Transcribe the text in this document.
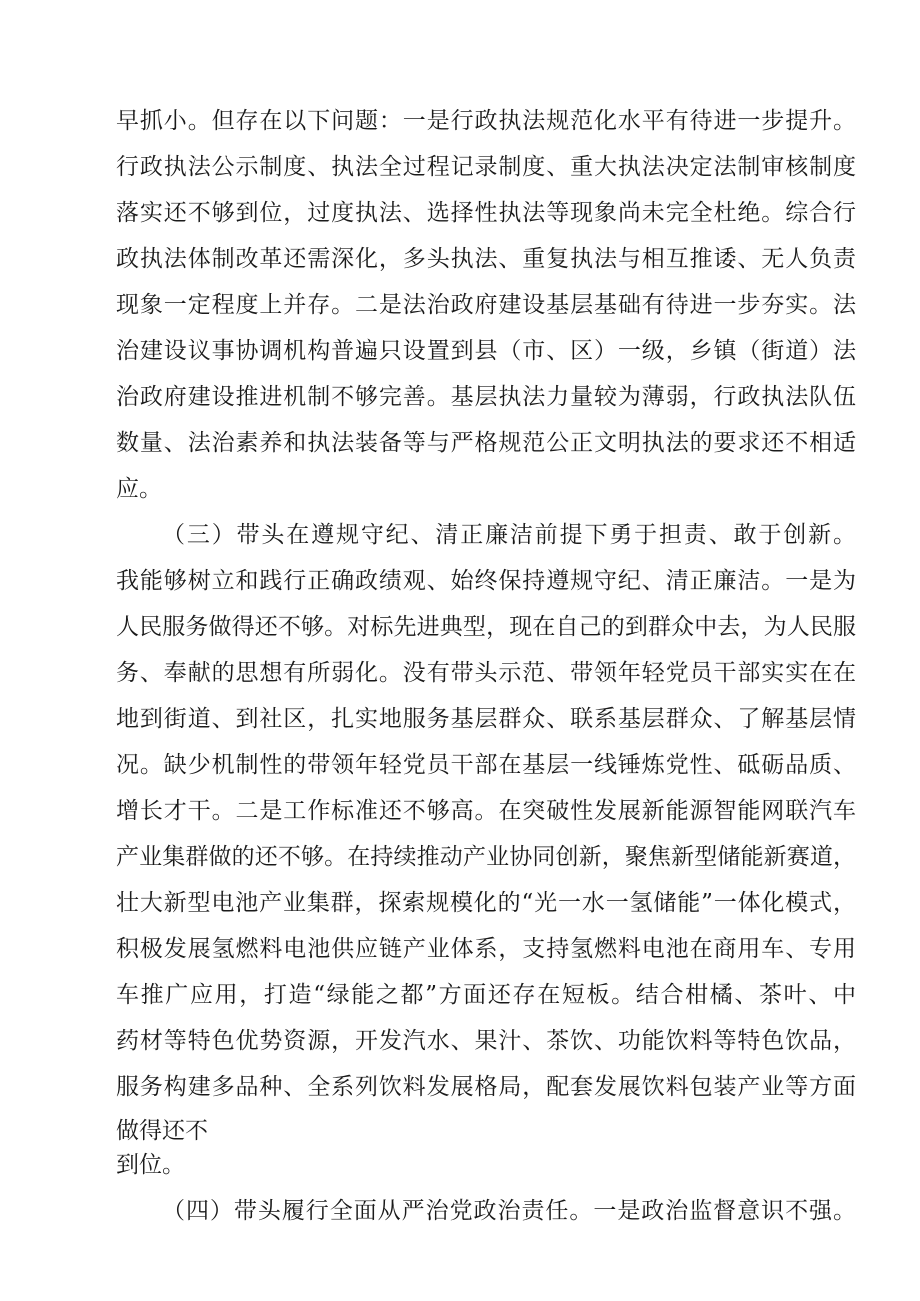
早抓小。但存在以下问题：一是行政执法规范化水平有待进一步提升。
行政执法公示制度、执法全过程记录制度、重大执法决定法制审核制度
落实还不够到位，过度执法、选择性执法等现象尚未完全杜绝。综合行
政执法体制改革还需深化，多头执法、重复执法与相互推诿、无人负责
现象一定程度上并存。二是法治政府建设基层基础有待进一步夯实。法
治建设议事协调机构普遍只设置到县（市、区）一级，乡镇（街道）法
治政府建设推进机制不够完善。基层执法力量较为薄弱，行政执法队伍
数量、法治素养和执法装备等与严格规范公正文明执法的要求还不相适
应。
（三）带头在遵规守纪、清正廉洁前提下勇于担责、敢于创新。
我能够树立和践行正确政绩观、始终保持遵规守纪、清正廉洁。一是为
人民服务做得还不够。对标先进典型，现在自己的到群众中去，为人民服
务、奉献的思想有所弱化。没有带头示范、带领年轻党员干部实实在在
地到街道、到社区，扎实地服务基层群众、联系基层群众、了解基层情
况。缺少机制性的带领年轻党员干部在基层一线锤炼党性、砥砺品质、
增长才干。二是工作标准还不够高。在突破性发展新能源智能网联汽车
产业集群做的还不够。在持续推动产业协同创新，聚焦新型储能新赛道，
壮大新型电池产业集群，探索规模化的“光一水一氢储能”一体化模式，
积极发展氢燃料电池供应链产业体系，支持氢燃料电池在商用车、专用
车推广应用，打造“绿能之都”方面还存在短板。结合柑橘、茶叶、中
药材等特色优势资源，开发汽水、果汁、茶饮、功能饮料等特色饮品，
服务构建多品种、全系列饮料发展格局，配套发展饮料包装产业等方面
做得还不
到位。
（四）带头履行全面从严治党政治责任。一是政治监督意识不强。
